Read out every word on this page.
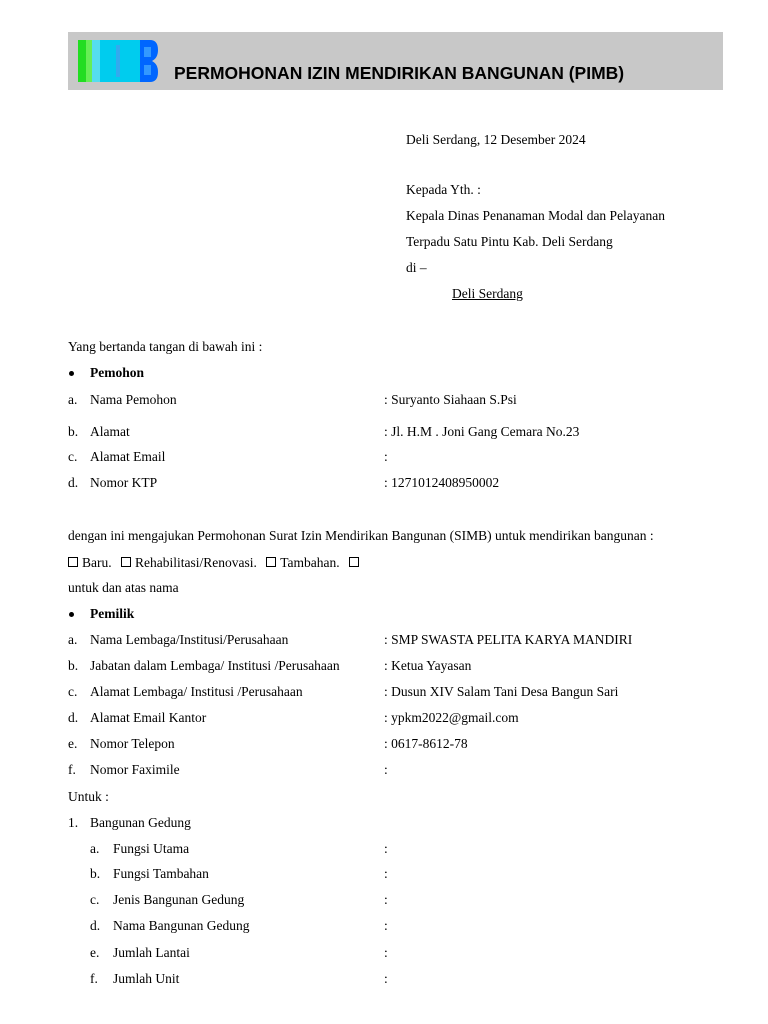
PERMOHONAN IZIN MENDIRIKAN BANGUNAN (PIMB)
Deli Serdang, 12 Desember 2024
Kepada Yth. :
Kepala Dinas Penanaman Modal dan Pelayanan
Terpadu Satu Pintu Kab. Deli Serdang
di –
Deli Serdang
Yang bertanda tangan di bawah ini :
Pemohon
a. Nama Pemohon	: Suryanto Siahaan S.Psi
b. Alamat	: Jl. H.M . Joni Gang Cemara No.23
c. Alamat Email	:
d. Nomor KTP	: 1271012408950002
dengan ini mengajukan Permohonan Surat Izin Mendirikan Bangunan (SIMB) untuk mendirikan bangunan :
Baru. Rehabilitasi/Renovasi. Tambahan.
untuk dan atas nama
Pemilik
a. Nama Lembaga/Institusi/Perusahaan	: SMP SWASTA PELITA KARYA MANDIRI
b. Jabatan dalam Lembaga/ Institusi /Perusahaan	: Ketua Yayasan
c. Alamat Lembaga/ Institusi /Perusahaan	: Dusun XIV Salam Tani Desa Bangun Sari
d. Alamat Email Kantor	: ypkm2022@gmail.com
e. Nomor Telepon	: 0617-8612-78
f. Nomor Faximile	:
Untuk :
1. Bangunan Gedung
a. Fungsi Utama	:
b. Fungsi Tambahan	:
c. Jenis Bangunan Gedung	:
d. Nama Bangunan Gedung	:
e. Jumlah Lantai	:
f. Jumlah Unit	:
